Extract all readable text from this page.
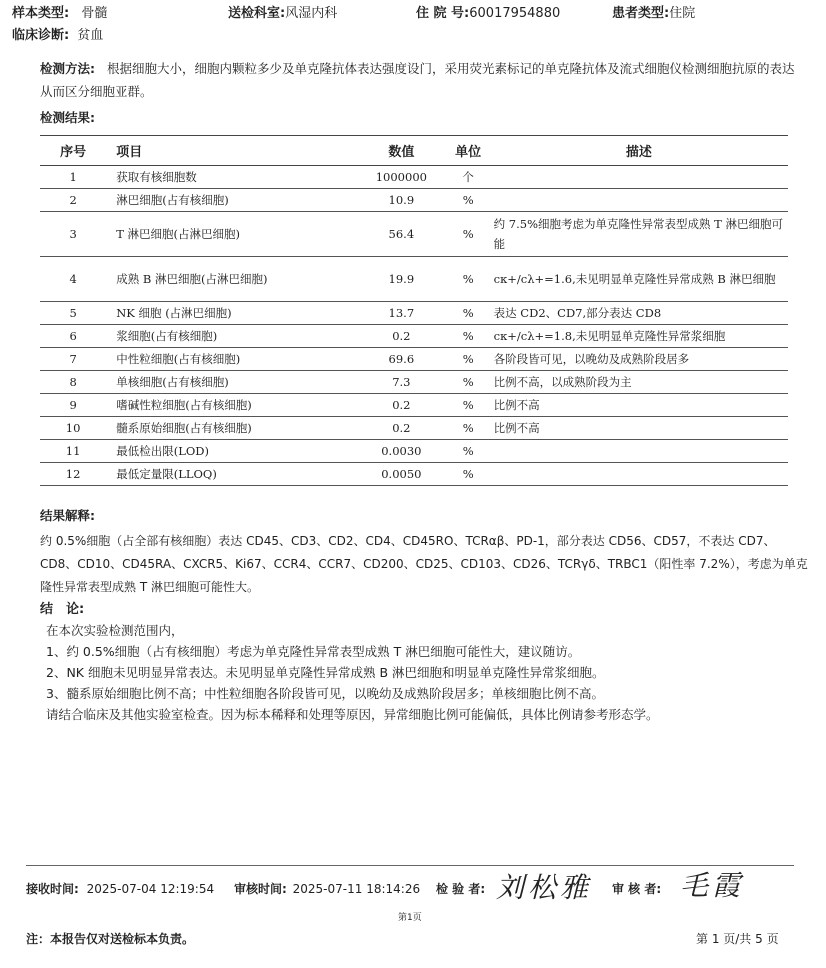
样本类型: 骨髓	送检科室:风湿内科	住 院 号:60017954880	患者类型:住院
临床诊断: 贫血
检测方法: 根据细胞大小，细胞内颗粒多少及单克隆抗体表达强度设门，采用荧光素标记的单克隆抗体及流式细胞仪检测细胞抗原的表达从而区分细胞亚群。
检测结果:
序号	项目	数值	单位	描述
1	获取有核细胞数	1000000	个	
2	淋巴细胞(占有核细胞)	10.9	%	
3	T 淋巴细胞(占淋巴细胞)	56.4	%	约 7.5%细胞考虑为单克隆性异常表型成熟 T 淋巴细胞可能
4	成熟 B 淋巴细胞(占淋巴细胞)	19.9	%	cκ+/cλ+=1.6,未见明显单克隆性异常成熟 B 淋巴细胞
5	NK 细胞 (占淋巴细胞)	13.7	%	表达 CD2、CD7,部分表达 CD8
6	浆细胞(占有核细胞)	0.2	%	cκ+/cλ+=1.8,未见明显单克隆性异常浆细胞
7	中性粒细胞(占有核细胞)	69.6	%	各阶段皆可见，以晚幼及成熟阶段居多
8	单核细胞(占有核细胞)	7.3	%	比例不高，以成熟阶段为主
9	嗜碱性粒细胞(占有核细胞)	0.2	%	比例不高
10	髓系原始细胞(占有核细胞)	0.2	%	比例不高
11	最低检出限(LOD)	0.0030	%	
12	最低定量限(LLOQ)	0.0050	%	
结果解释:
约 0.5%细胞（占全部有核细胞）表达 CD45、CD3、CD2、CD4、CD45RO、TCRαβ、PD-1，部分表达 CD56、CD57，不表达 CD7、CD8、CD10、CD45RA、CXCR5、Ki67、CCR4、CCR7、CD200、CD25、CD103、CD26、TCRγδ、TRBC1（阳性率 7.2%），考虑为单克隆性异常表型成熟 T 淋巴细胞可能性大。
结　论:
在本次实验检测范围内，
1、约 0.5%细胞（占有核细胞）考虑为单克隆性异常表型成熟 T 淋巴细胞可能性大，建议随访。
2、NK 细胞未见明显异常表达。未见明显单克隆性异常成熟 B 淋巴细胞和明显单克隆性异常浆细胞。
3、髓系原始细胞比例不高；中性粒细胞各阶段皆可见，以晚幼及成熟阶段居多；单核细胞比例不高。
请结合临床及其他实验室检查。因为标本稀释和处理等原因，异常细胞比例可能偏低，具体比例请参考形态学。
接收时间: 2025-07-04 12:19:54 审核时间: 2025-07-11 18:14:26 检 验 者: 刘松雅 审 核 者: 毛霞
第1页
注：本报告仅对送检标本负责。	第 1 页/共 5 页
